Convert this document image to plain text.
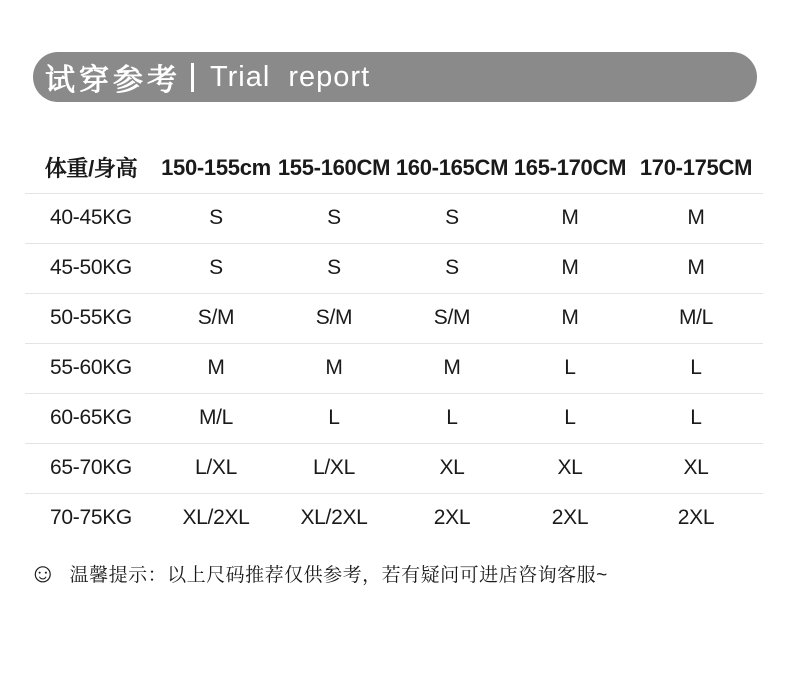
试穿参考 Trial report
体重/身高	150-155cm	155-160CM	160-165CM	165-170CM	170-175CM
40-45KG	S	S	S	M	M
45-50KG	S	S	S	M	M
50-55KG	S/M	S/M	S/M	M	M/L
55-60KG	M	M	M	L	L
60-65KG	M/L	L	L	L	L
65-70KG	L/XL	L/XL	XL	XL	XL
70-75KG	XL/2XL	XL/2XL	2XL	2XL	2XL
☺ 温馨提示：以上尺码推荐仅供参考，若有疑问可进店咨询客服~
